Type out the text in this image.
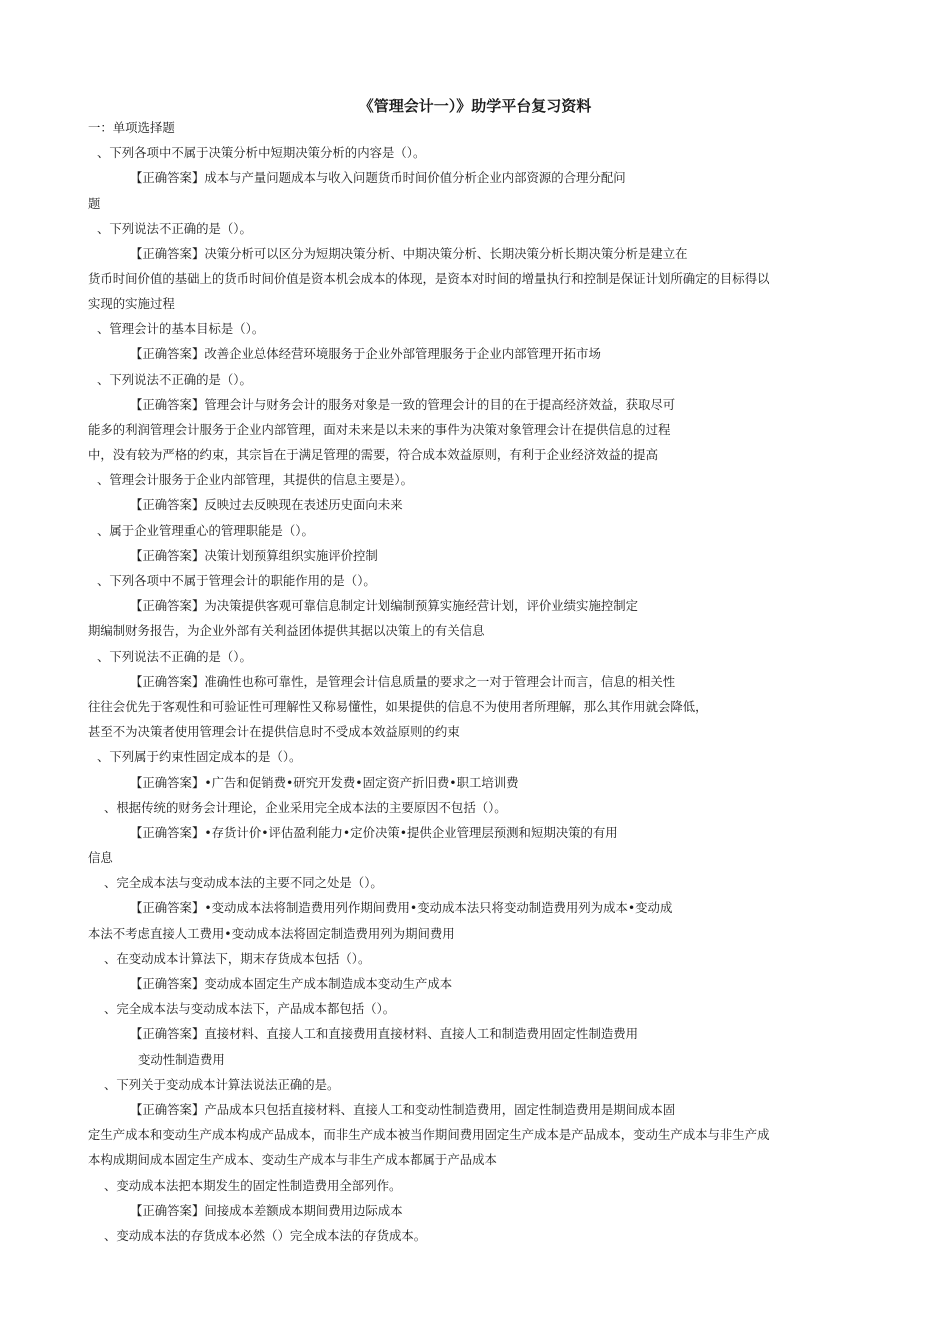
《管理会计一）》助学平台复习资料

一：单项选择题

、下列各项中不属于决策分析中短期决策分析的内容是（）。

【正确答案】成本与产量问题成本与收入问题货币时间价值分析企业内部资源的合理分配问

题

、下列说法不正确的是（）。

【正确答案】决策分析可以区分为短期决策分析、中期决策分析、长期决策分析长期决策分析是建立在

货币时间价值的基础上的货币时间价值是资本机会成本的体现，是资本对时间的增量执行和控制是保证计划所确定的目标得以

实现的实施过程

、管理会计的基本目标是（）。

【正确答案】改善企业总体经营环境服务于企业外部管理服务于企业内部管理开拓市场

、下列说法不正确的是（）。

【正确答案】管理会计与财务会计的服务对象是一致的管理会计的目的在于提高经济效益，获取尽可

能多的利润管理会计服务于企业内部管理，面对未来是以未来的事件为决策对象管理会计在提供信息的过程

中，没有较为严格的约束，其宗旨在于满足管理的需要，符合成本效益原则，有利于企业经济效益的提高

、管理会计服务于企业内部管理，其提供的信息主要是）。

【正确答案】反映过去反映现在表述历史面向未来

、属于企业管理重心的管理职能是（）。

【正确答案】决策计划预算组织实施评价控制

、下列各项中不属于管理会计的职能作用的是（）。

【正确答案】为决策提供客观可靠信息制定计划编制预算实施经营计划，评价业绩实施控制定

期编制财务报告，为企业外部有关利益团体提供其据以决策上的有关信息

、下列说法不正确的是（）。

【正确答案】准确性也称可靠性，是管理会计信息质量的要求之一对于管理会计而言，信息的相关性

往往会优先于客观性和可验证性可理解性又称易懂性，如果提供的信息不为使用者所理解，那么其作用就会降低，

甚至不为决策者使用管理会计在提供信息时不受成本效益原则的约束

、下列属于约束性固定成本的是（）。

【正确答案】•广告和促销费•研究开发费•固定资产折旧费•职工培训费

、根据传统的财务会计理论，企业采用完全成本法的主要原因不包括（）。

【正确答案】•存货计价•评估盈利能力•定价决策•提供企业管理层预测和短期决策的有用

信息

、完全成本法与变动成本法的主要不同之处是（）。

【正确答案】•变动成本法将制造费用列作期间费用•变动成本法只将变动制造费用列为成本•变动成

本法不考虑直接人工费用•变动成本法将固定制造费用列为期间费用

、在变动成本计算法下，期末存货成本包括（）。

【正确答案】变动成本固定生产成本制造成本变动生产成本

、完全成本法与变动成本法下，产品成本都包括（）。

【正确答案】直接材料、直接人工和直接费用直接材料、直接人工和制造费用固定性制造费用

变动性制造费用

、下列关于变动成本计算法说法正确的是。

【正确答案】产品成本只包括直接材料、直接人工和变动性制造费用，固定性制造费用是期间成本固

定生产成本和变动生产成本构成产品成本，而非生产成本被当作期间费用固定生产成本是产品成本，变动生产成本与非生产成

本构成期间成本固定生产成本、变动生产成本与非生产成本都属于产品成本

、变动成本法把本期发生的固定性制造费用全部列作。

【正确答案】间接成本差额成本期间费用边际成本

、变动成本法的存货成本必然（）完全成本法的存货成本。
